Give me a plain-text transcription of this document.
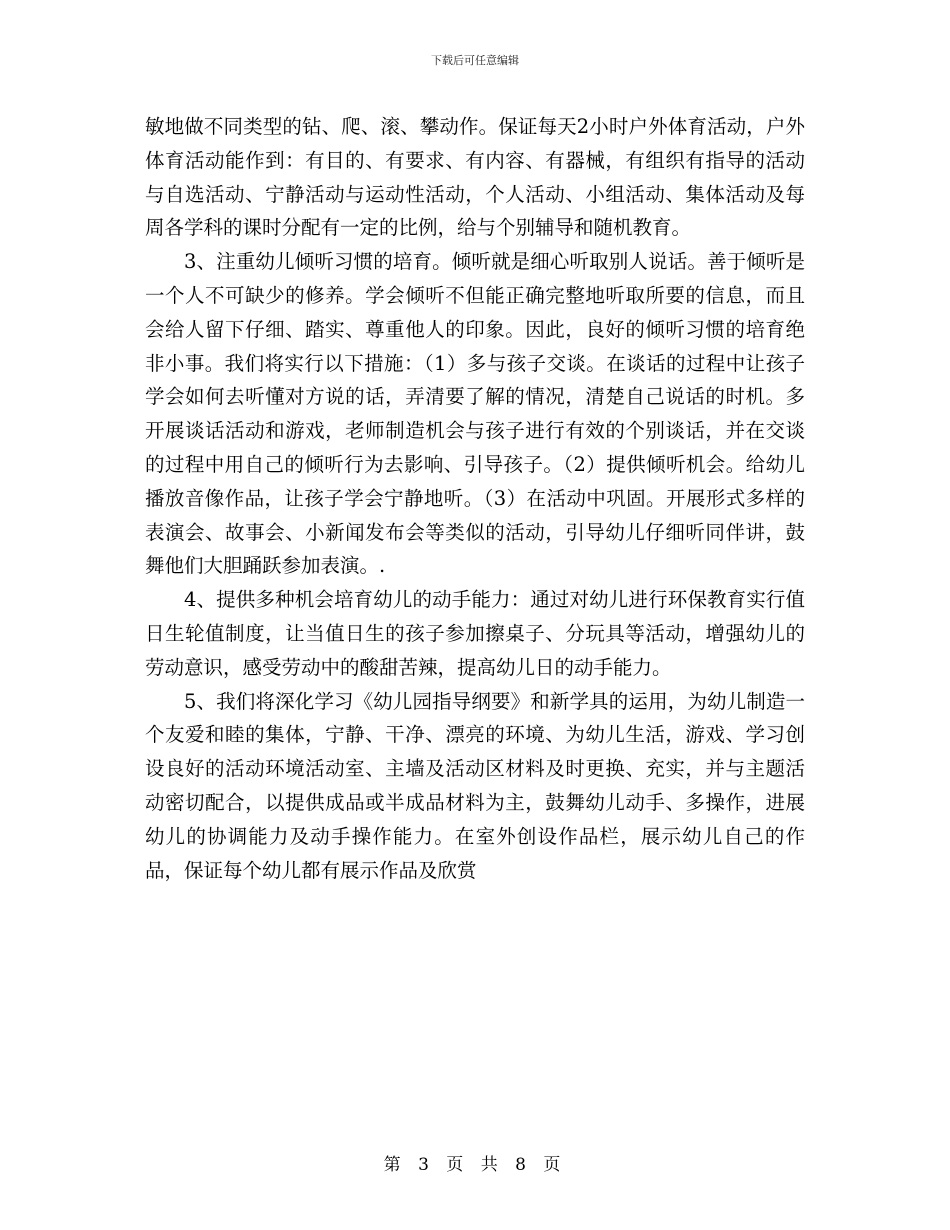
下载后可任意编辑

敏地做不同类型的钻、爬、滚、攀动作。保证每天2小时户外体育活动，户外体育活动能作到：有目的、有要求、有内容、有器械，有组织有指导的活动与自选活动、宁静活动与运动性活动，个人活动、小组活动、集体活动及每周各学科的课时分配有一定的比例，给与个别辅导和随机教育。

3、注重幼儿倾听习惯的培育。倾听就是细心听取别人说话。善于倾听是一个人不可缺少的修养。学会倾听不但能正确完整地听取所要的信息，而且会给人留下仔细、踏实、尊重他人的印象。因此，良好的倾听习惯的培育绝非小事。我们将实行以下措施：（1）多与孩子交谈。在谈话的过程中让孩子学会如何去听懂对方说的话，弄清要了解的情况，清楚自己说话的时机。多开展谈话活动和游戏，老师制造机会与孩子进行有效的个别谈话，并在交谈的过程中用自己的倾听行为去影响、引导孩子。（2）提供倾听机会。给幼儿播放音像作品，让孩子学会宁静地听。（3）在活动中巩固。开展形式多样的表演会、故事会、小新闻发布会等类似的活动，引导幼儿仔细听同伴讲，鼓舞他们大胆踊跃参加表演。.

4、提供多种机会培育幼儿的动手能力：通过对幼儿进行环保教育实行值日生轮值制度，让当值日生的孩子参加擦桌子、分玩具等活动，增强幼儿的劳动意识，感受劳动中的酸甜苦辣，提高幼儿日的动手能力。

5、我们将深化学习《幼儿园指导纲要》和新学具的运用，为幼儿制造一个友爱和睦的集体，宁静、干净、漂亮的环境、为幼儿生活，游戏、学习创设良好的活动环境活动室、主墙及活动区材料及时更换、充实，并与主题活动密切配合，以提供成品或半成品材料为主，鼓舞幼儿动手、多操作，进展幼儿的协调能力及动手操作能力。在室外创设作品栏，展示幼儿自己的作品，保证每个幼儿都有展示作品及欣赏

第 3 页 共 8 页
